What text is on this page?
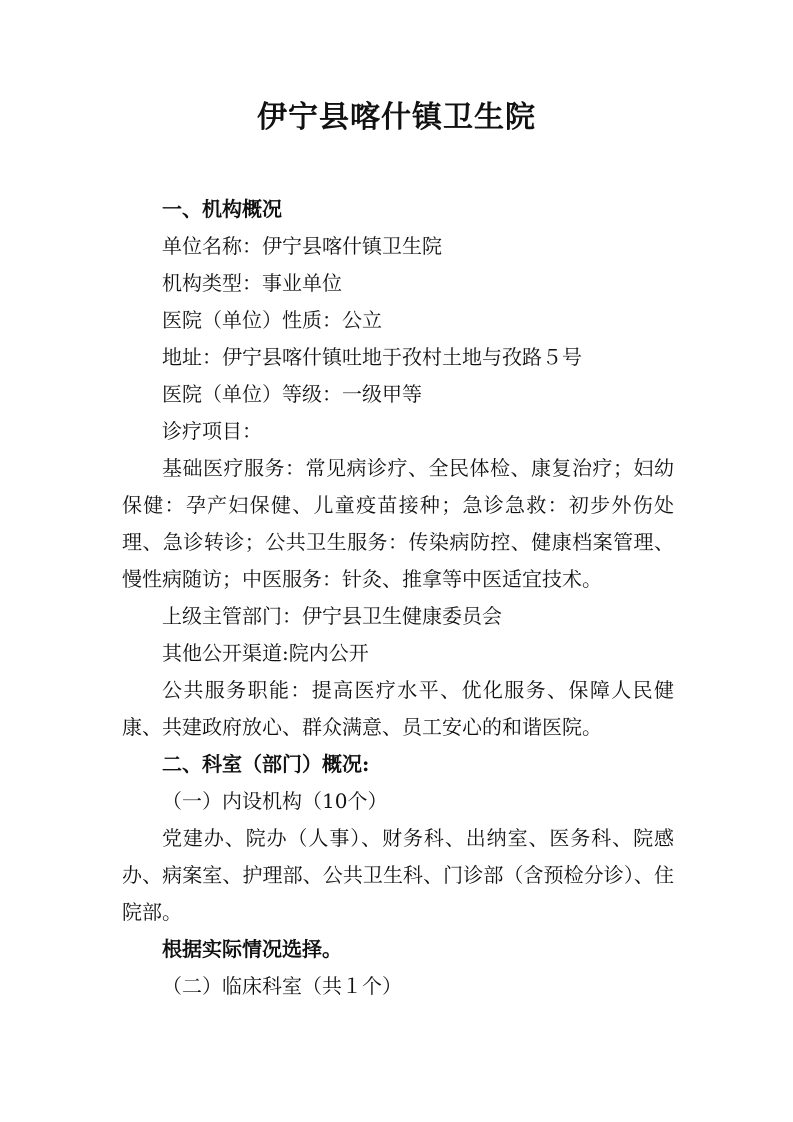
伊宁县喀什镇卫生院

一、机构概况

单位名称：伊宁县喀什镇卫生院

机构类型：事业单位

医院（单位）性质：公立

地址：伊宁县喀什镇吐地于孜村土地与孜路５号

医院（单位）等级：一级甲等

诊疗项目：

基础医疗服务：常见病诊疗、全民体检、康复治疗；妇幼保健：孕产妇保健、儿童疫苗接种；急诊急救：初步外伤处理、急诊转诊；公共卫生服务：传染病防控、健康档案管理、慢性病随访；中医服务：针灸、推拿等中医适宜技术。

上级主管部门：伊宁县卫生健康委员会

其他公开渠道:院内公开

公共服务职能：提高医疗水平、优化服务、保障人民健康、共建政府放心、群众满意、员工安心的和谐医院。

二、科室（部门）概况:

（一）内设机构（10个）

党建办、院办（人事）、财务科、出纳室、医务科、院感办、病案室、护理部、公共卫生科、门诊部（含预检分诊）、住院部。

根据实际情况选择。

（二）临床科室（共１个）
